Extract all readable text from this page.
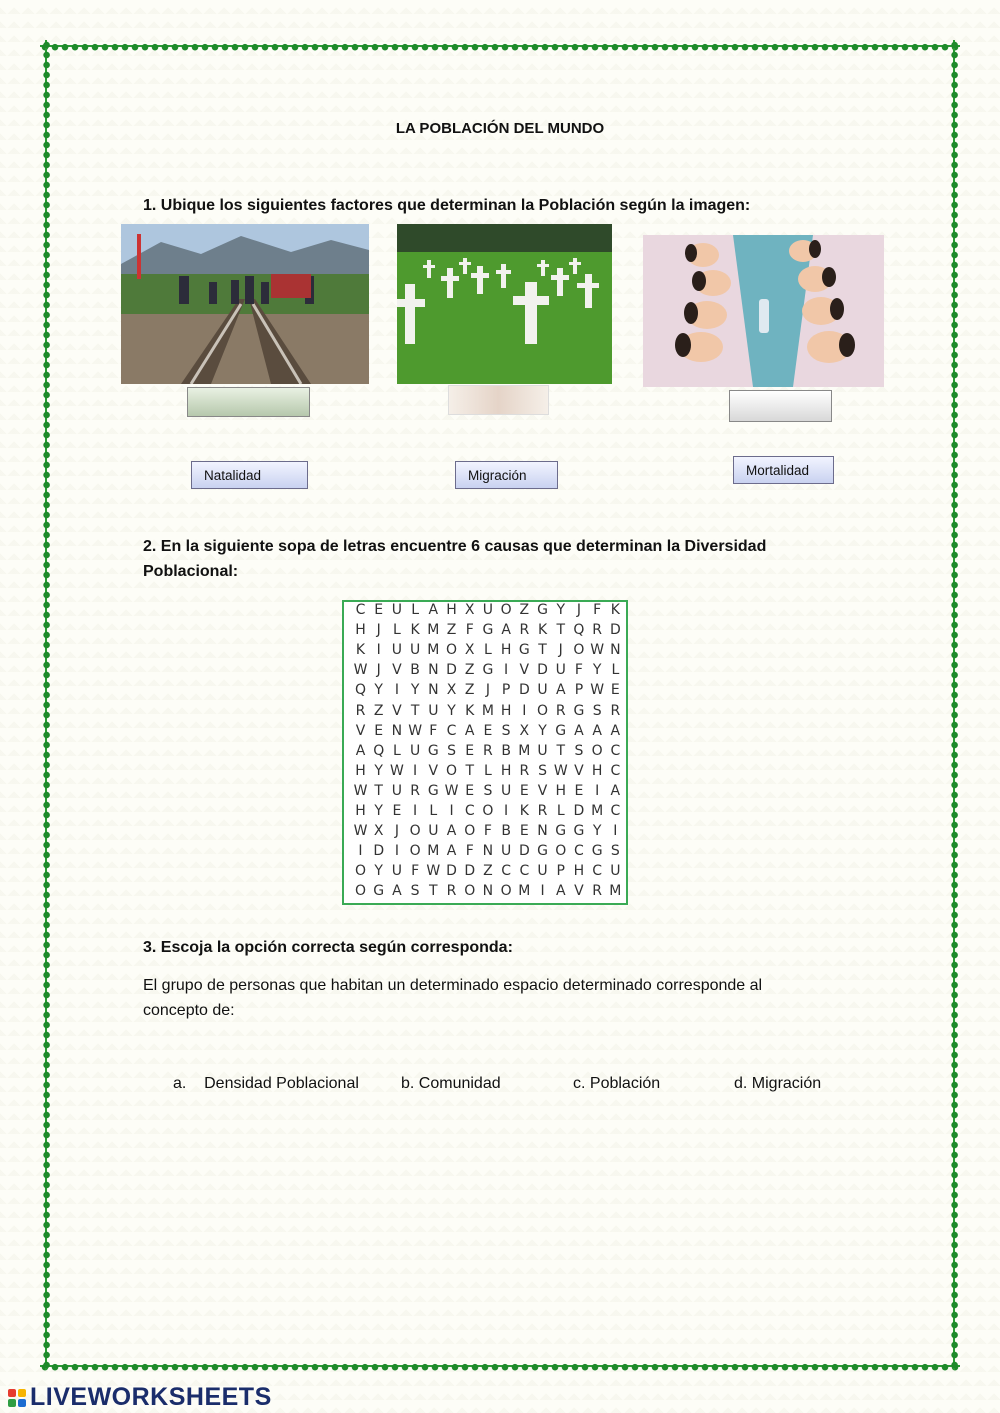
LA POBLACIÓN DEL MUNDO
1. Ubique los siguientes factores que determinan la Población según la imagen:
Natalidad	Migración	Mortalidad
2. En la siguiente sopa de letras encuentre 6 causas que determinan la Diversidad
Poblacional:
C E U L A H X U O Z G Y J F K
H J L K M Z F G A R K T Q R D
K I U U M O X L H G T J O W N
W J V B N D Z G I V D U F Y L
Q Y I Y N X Z J P D U A P W E
R Z V T U Y K M H I O R G S R
V E N W F C A E S X Y G A A A
A Q L U G S E R B M U T S O C
H Y W I V O T L H R S W V H C
W T U R G W E S U E V H E I A
H Y E I L I C O I K R L D M C
W X J O U A O F B E N G G Y I
I D I O M A F N U D G O C G S
O Y U F W D D Z C C U P H C U
O G A S T R O N O M I A V R M
3. Escoja la opción correcta según corresponda:
El grupo de personas que habitan un determinado espacio determinado corresponde al
concepto de:
a.    Densidad Poblacional	b. Comunidad	c. Población	d. Migración
LIVEWORKSHEETS
